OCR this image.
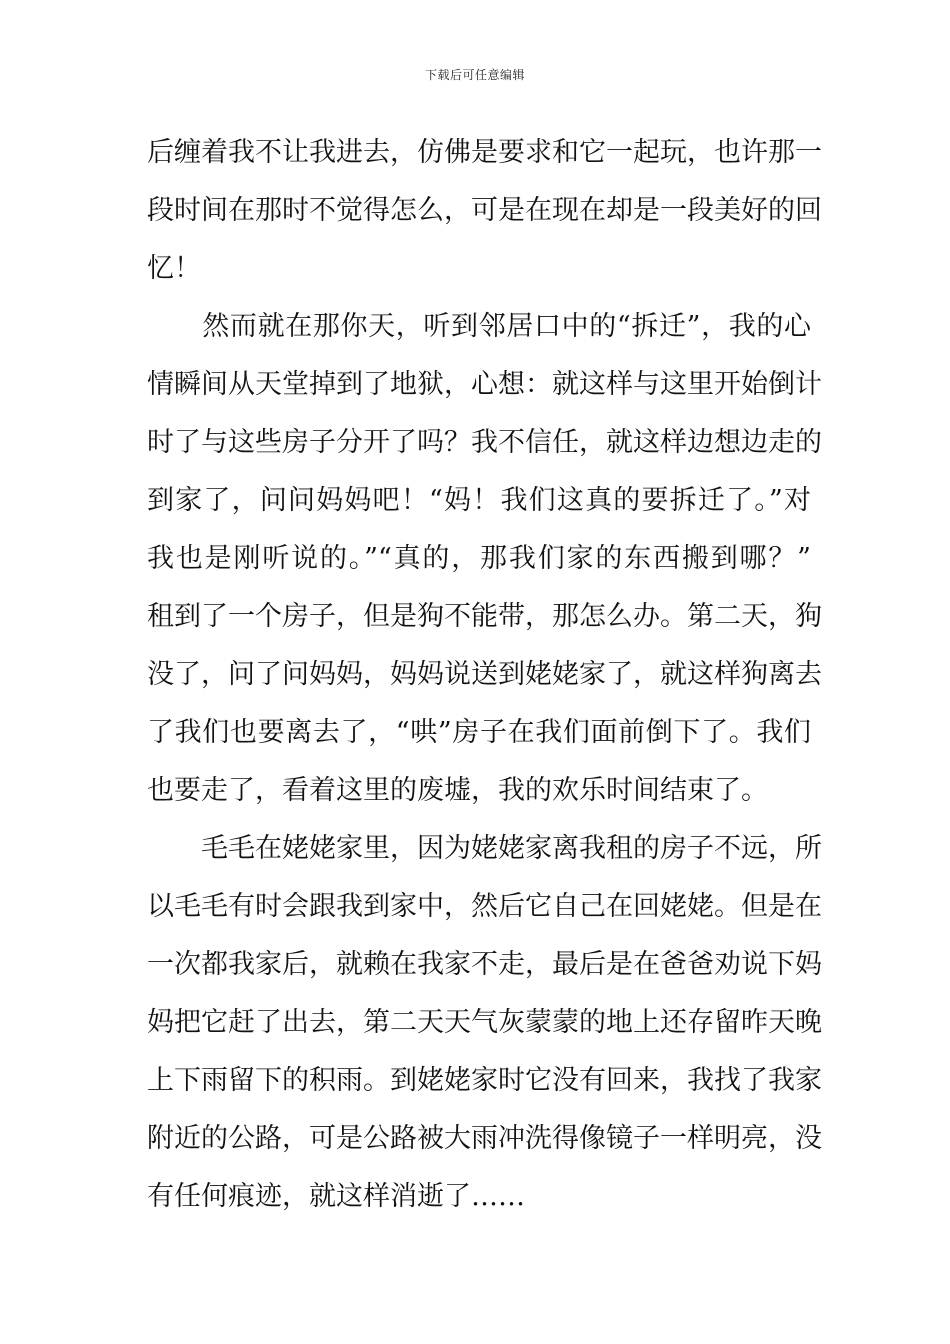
下载后可任意编辑
后缠着我不让我进去，仿佛是要求和它一起玩，也许那一
段时间在那时不觉得怎么，可是在现在却是一段美好的回
忆！
　　然而就在那你天，听到邻居口中的“拆迁”，我的心
情瞬间从天堂掉到了地狱，心想：就这样与这里开始倒计
时了与这些房子分开了吗？我不信任，就这样边想边走的
到家了，问问妈妈吧！“妈！我们这真的要拆迁了。”对
我也是刚听说的。”“真的，那我们家的东西搬到哪？”
租到了一个房子，但是狗不能带，那怎么办。第二天，狗
没了，问了问妈妈，妈妈说送到姥姥家了，就这样狗离去
了我们也要离去了，“哄”房子在我们面前倒下了。我们
也要走了，看着这里的废墟，我的欢乐时间结束了。
　　毛毛在姥姥家里，因为姥姥家离我租的房子不远，所
以毛毛有时会跟我到家中，然后它自己在回姥姥。但是在
一次都我家后，就赖在我家不走，最后是在爸爸劝说下妈
妈把它赶了出去，第二天天气灰蒙蒙的地上还存留昨天晚
上下雨留下的积雨。到姥姥家时它没有回来，我找了我家
附近的公路，可是公路被大雨冲洗得像镜子一样明亮，没
有任何痕迹，就这样消逝了……
